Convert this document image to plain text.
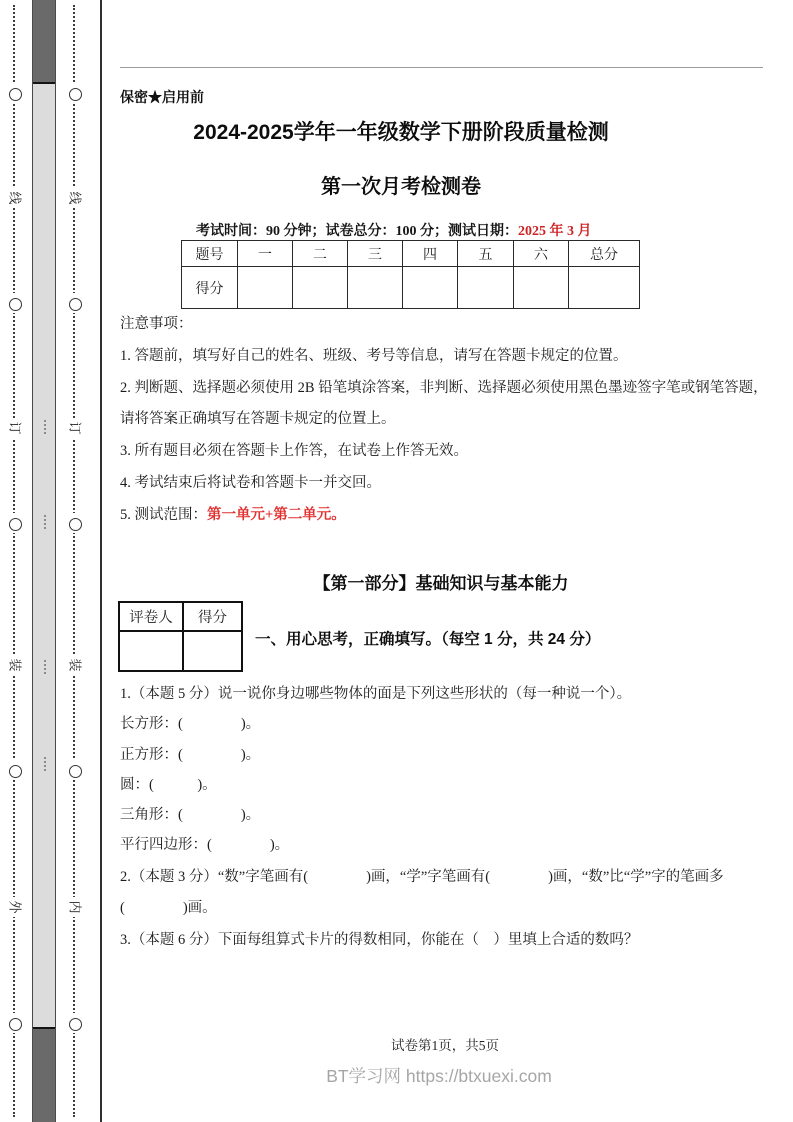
线
订
装
外
线
订
装
内
保密★启用前
2024-2025学年一年级数学下册阶段质量检测
第一次月考检测卷
考试时间：90 分钟；试卷总分：100 分；测试日期：2025 年 3 月
题号	一	二	三	四	五	六	总分
得分							

注意事项：

1. 答题前，填写好自己的姓名、班级、考号等信息，请写在答题卡规定的位置。

2. 判断题、选择题必须使用 2B 铅笔填涂答案，非判断、选择题必须使用黑色墨迹签字笔或钢笔答题，请将答案正确填写在答题卡规定的位置上。

3. 所有题目必须在答题卡上作答，在试卷上作答无效。

4. 考试结束后将试卷和答题卡一并交回。

5. 测试范围：第一单元+第二单元。

【第一部分】基础知识与基本能力
评卷人	得分

一、用心思考，正确填写。（每空 1 分，共 24 分）

1.（本题 5 分）说一说你身边哪些物体的面是下列这些形状的（每一种说一个）。

长方形：(　　　　)。

正方形：(　　　　)。

圆：(　　　)。

三角形：(　　　　)。

平行四边形：(　　　　)。

2.（本题 3 分）“数”字笔画有(　　　　)画，“学”字笔画有(　　　　)画，“数”比“学”字的笔画多(　　　　)画。

3.（本题 6 分）下面每组算式卡片的得数相同，你能在（　）里填上合适的数吗？

试卷第1页，共5页
BT学习网 https://btxuexi.com
